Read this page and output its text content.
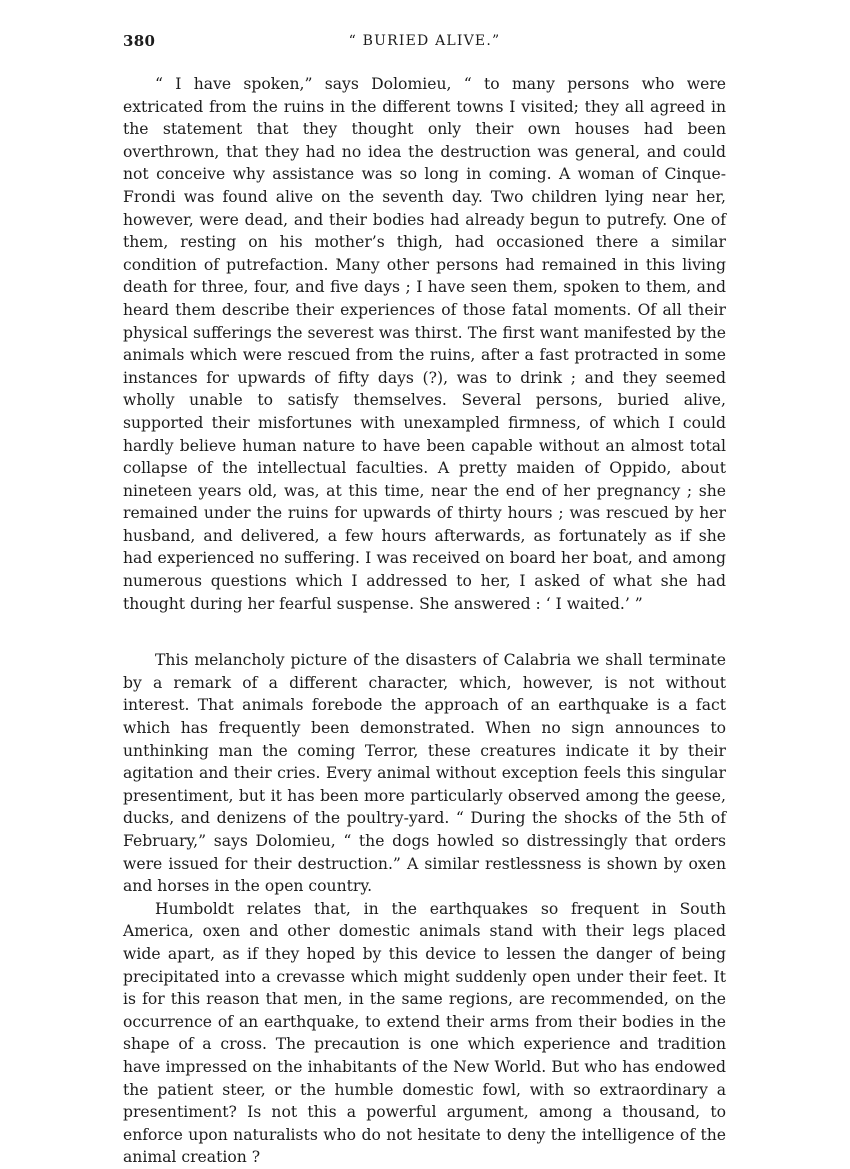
380	“ BURIED ALIVE.”

“ I have spoken,” says Dolomieu, “ to many persons who were extricated from the ruins in the different towns I visited; they all agreed in the statement that they thought only their own houses had been overthrown, that they had no idea the destruction was general, and could not conceive why assistance was so long in coming. A woman of Cinque-Frondi was found alive on the seventh day. Two children lying near her, however, were dead, and their bodies had already begun to putrefy. One of them, resting on his mother’s thigh, had occasioned there a similar condition of putrefaction. Many other persons had remained in this living death for three, four, and five days ; I have seen them, spoken to them, and heard them describe their experiences of those fatal moments. Of all their physical sufferings the severest was thirst. The first want manifested by the animals which were rescued from the ruins, after a fast protracted in some instances for upwards of fifty days (?), was to drink ; and they seemed wholly unable to satisfy themselves. Several persons, buried alive, supported their misfortunes with unexampled firmness, of which I could hardly believe human nature to have been capable without an almost total collapse of the intellectual faculties. A pretty maiden of Oppido, about nineteen years old, was, at this time, near the end of her pregnancy ; she remained under the ruins for upwards of thirty hours ; was rescued by her husband, and delivered, a few hours afterwards, as fortunately as if she had experienced no suffering. I was received on board her boat, and among numerous questions which I addressed to her, I asked of what she had thought during her fearful suspense. She answered : ‘ I waited.’ ”

This melancholy picture of the disasters of Calabria we shall terminate by a remark of a different character, which, however, is not without interest. That animals forebode the approach of an earthquake is a fact which has frequently been demonstrated. When no sign announces to unthinking man the coming Terror, these creatures indicate it by their agitation and their cries. Every animal without exception feels this singular presentiment, but it has been more particularly observed among the geese, ducks, and denizens of the poultry-yard. “ During the shocks of the 5th of February,” says Dolomieu, “ the dogs howled so distressingly that orders were issued for their destruction.” A similar restlessness is shown by oxen and horses in the open country.

Humboldt relates that, in the earthquakes so frequent in South America, oxen and other domestic animals stand with their legs placed wide apart, as if they hoped by this device to lessen the danger of being precipitated into a crevasse which might suddenly open under their feet. It is for this reason that men, in the same regions, are recommended, on the occurrence of an earthquake, to extend their arms from their bodies in the shape of a cross. The precaution is one which experience and tradition have impressed on the inhabitants of the New World. But who has endowed the patient steer, or the humble domestic fowl, with so extraordinary a presentiment? Is not this a powerful argument, among a thousand, to enforce upon naturalists who do not hesitate to deny the intelligence of the animal creation ?
